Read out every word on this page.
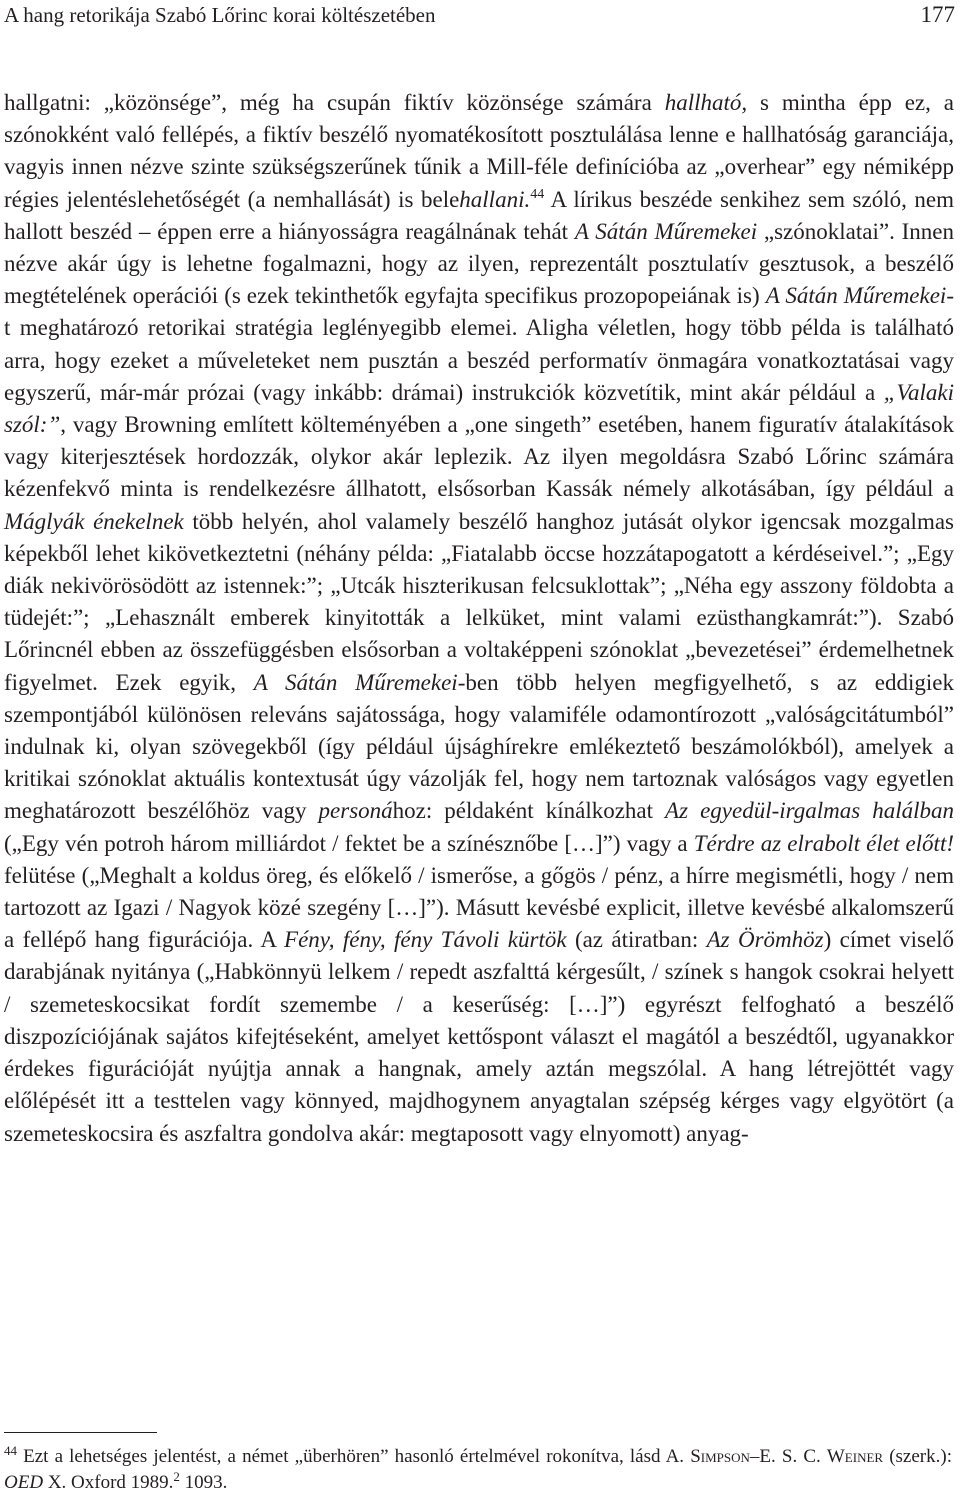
A hang retorikája Szabó Lőrinc korai költészetében	177

hallgatni: „közönsége”, még ha csupán fiktív közönsége számára hallható, s mintha épp ez, a szónokként való fellépés, a fiktív beszélő nyomatékosított posztulálása lenne e hallhatóság garanciája, vagyis innen nézve szinte szükségszerűnek tűnik a Mill-féle definícióba az „overhear” egy némiképp régies jelentéslehetőségét (a nemhallását) is belehallani.$^{44}$ A lírikus beszéde senkihez sem szóló, nem hallott beszéd – éppen erre a hiányosságra reagálnának tehát A Sátán Műremekei „szónoklatai”. Innen nézve akár úgy is lehetne fogalmazni, hogy az ilyen, reprezentált posztulatív gesztusok, a beszélő megtételének operációi (s ezek tekinthetők egyfajta specifikus prozopopeiának is) A Sátán Műremekei-t meghatározó retorikai stratégia leglényegibb elemei. Aligha véletlen, hogy több példa is található arra, hogy ezeket a műveleteket nem pusztán a beszéd performatív önmagára vonatkoztatásai vagy egyszerű, már-már prózai (vagy inkább: drámai) instrukciók közvetítik, mint akár például a „Valaki szól:”, vagy Browning említett költeményében a „one singeth” esetében, hanem figuratív átalakítások vagy kiterjesztések hordozzák, olykor akár leplezik. Az ilyen megoldásra Szabó Lőrinc számára kézenfekvő minta is rendelkezésre állhatott, elsősorban Kassák némely alkotásában, így például a Máglyák énekelnek több helyén, ahol valamely beszélő hanghoz jutását olykor igencsak mozgalmas képekből lehet kikövetkeztetni (néhány példa: „Fiatalabb öccse hozzátapogatott a kérdéseivel.”; „Egy diák nekivörösödött az istennek:”; „Utcák hiszterikusan felcsuklottak”; „Néha egy asszony földobta a tüdejét:”; „Lehasznált emberek kinyitották a lelküket, mint valami ezüsthangkamrát:”). Szabó Lőrincnél ebben az összefüggésben elsősorban a voltaképpeni szónoklat „bevezetései” érdemelhetnek figyelmet. Ezek egyik, A Sátán Műremekei-ben több helyen megfigyelhető, s az eddigiek szempontjából különösen releváns sajátossága, hogy valamiféle odamontírozott „valóságcitátumból” indulnak ki, olyan szövegekből (így például újsághírekre emlékeztető beszámolókból), amelyek a kritikai szónoklat aktuális kontextusát úgy vázolják fel, hogy nem tartoznak valóságos vagy egyetlen meghatározott beszélőhöz vagy personához: példaként kínálkozhat Az egyedül-irgalmas halálban („Egy vén potroh három milliárdot / fektet be a színésznőbe […]”) vagy a Térdre az elrabolt élet előtt! felütése („Meghalt a koldus öreg, és előkelő / ismerőse, a gőgös / pénz, a hírre megismétli, hogy / nem tartozott az Igazi / Nagyok közé szegény […]”). Másutt kevésbé explicit, illetve kevésbé alkalomszerű a fellépő hang figurációja. A Fény, fény, fény Távoli kürtök (az átiratban: Az Örömhöz) címet viselő darabjának nyitánya („Habkönnyü lelkem / repedt aszfalttá kérgesűlt, / színek s hangok csokrai helyett / szemeteskocsikat fordít szemembe / a keserűség: […]”) egyrészt felfogható a beszélő diszpozíciójának sajátos kifejtéseként, amelyet kettőspont választ el magától a beszédtől, ugyanakkor érdekes figurációját nyújtja annak a hangnak, amely aztán megszólal. A hang létrejöttét vagy előlépését itt a testtelen vagy könnyed, majdhogynem anyagtalan szépség kérges vagy elgyötört (a szemeteskocsira és aszfaltra gondolva akár: megtaposott vagy elnyomott) anyag-

$^{44}$ Ezt a lehetséges jelentést, a német „überhören” hasonló értelmével rokonítva, lásd A. Simpson–E. S. C. Weiner (szerk.): OED X. Oxford 1989.$^2$ 1093.
